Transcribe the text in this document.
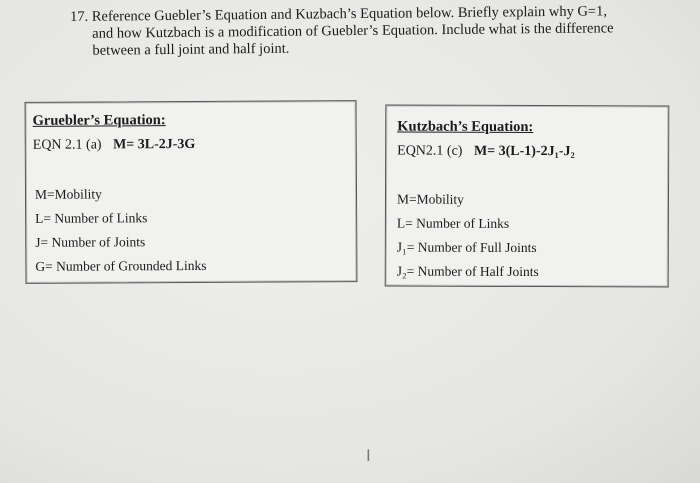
17. Reference Guebler’s Equation and Kuzbach’s Equation below. Briefly explain why G=1,
and how Kutzbach is a modification of Guebler’s Equation. Include what is the difference
between a full joint and half joint.
Gruebler’s Equation:
EQN 2.1 (a) M= 3L-2J-3G
M=Mobility
L= Number of Links
J= Number of Joints
G= Number of Grounded Links
Kutzbach’s Equation:
EQN2.1 (c) M= 3(L-1)-2J₁-J₂
M=Mobility
L= Number of Links
J₁= Number of Full Joints
J₂= Number of Half Joints
I
